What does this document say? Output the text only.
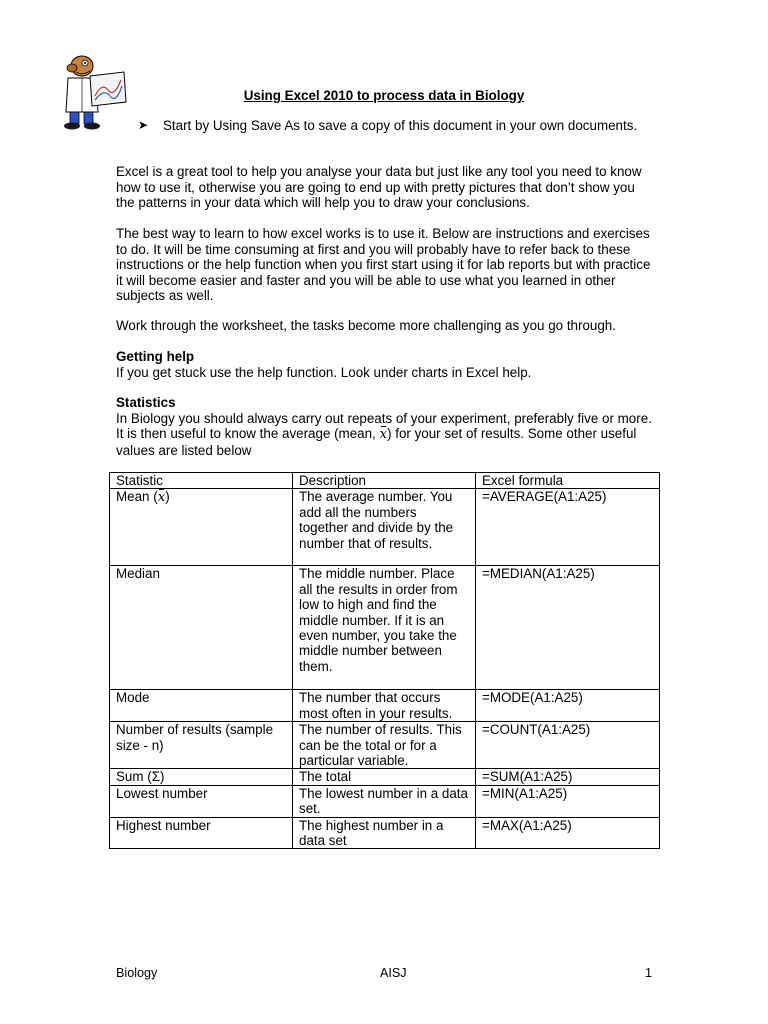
Using Excel 2010 to process data in Biology
➤ Start by Using Save As to save a copy of this document in your own documents.

Excel is a great tool to help you analyse your data but just like any tool you need to know how to use it, otherwise you are going to end up with pretty pictures that don’t show you the patterns in your data which will help you to draw your conclusions.

The best way to learn to how excel works is to use it. Below are instructions and exercises to do. It will be time consuming at first and you will probably have to refer back to these instructions or the help function when you first start using it for lab reports but with practice it will become easier and faster and you will be able to use what you learned in other subjects as well.

Work through the worksheet, the tasks become more challenging as you go through.

Getting help
If you get stuck use the help function. Look under charts in Excel help.
Statistics
In Biology you should always carry out repeats of your experiment, preferably five or more. It is then useful to know the average (mean, x) for your set of results. Some other useful values are listed below
Statistic	Description	Excel formula
Mean (x)	The average number. You add all the numbers together and divide by the number that of results.	=AVERAGE(A1:A25)
Median	The middle number. Place all the results in order from low to high and find the middle number. If it is an even number, you take the middle number between them.	=MEDIAN(A1:A25)
Mode	The number that occurs most often in your results.	=MODE(A1:A25)
Number of results (sample size - n)	The number of results. This can be the total or for a particular variable.	=COUNT(A1:A25)
Sum (Σ)	The total	=SUM(A1:A25)
Lowest number	The lowest number in a data set.	=MIN(A1:A25)
Highest number	The highest number in a data set	=MAX(A1:A25)
Biology	AISJ	1
